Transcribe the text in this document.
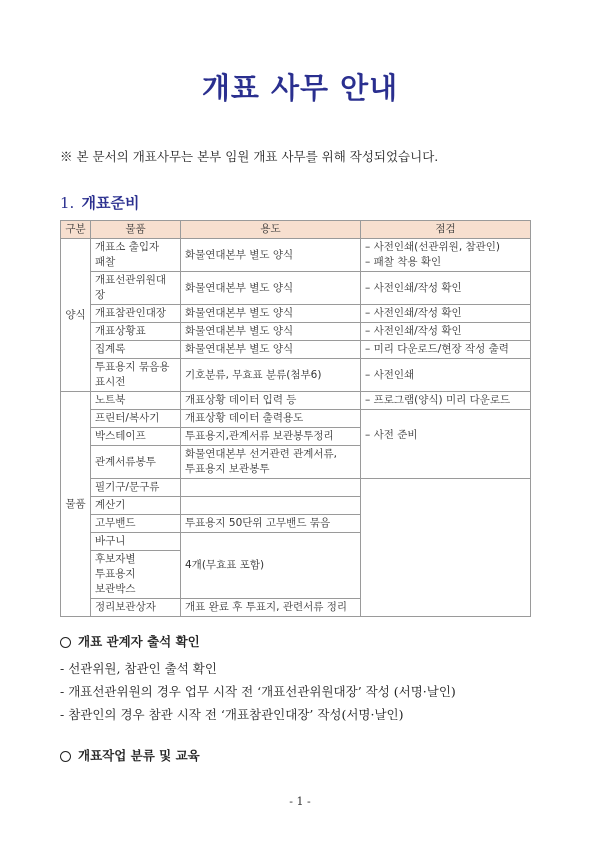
개표 사무 안내
※ 본 문서의 개표사무는 본부 임원 개표 사무를 위해 작성되었습니다.
1. 개표준비
구분	물품	용도	점검
양식	개표소 출입자 패찰	화물연대본부 별도 양식	– 사전인쇄(선관위원, 참관인)
– 패찰 착용 확인

	개표선관위원대장	화물연대본부 별도 양식	– 사전인쇄/작성 확인
	개표참관인대장	화물연대본부 별도 양식	– 사전인쇄/작성 확인
	개표상황표	화물연대본부 별도 양식	– 사전인쇄/작성 확인
	집계록	화물연대본부 별도 양식	– 미리 다운로드/현장 작성 출력
	투표용지 묶음용 표시전	기호분류, 무효표 분류(첨부6)	– 사전인쇄
물품	노트북	개표상황 데이터 입력 등	– 프로그램(양식) 미리 다운로드
	프린터/복사기	개표상황 데이터 출력용도	– 사전 준비
	박스테이프	투표용지,관계서류 보관봉투정리	
	관계서류봉투	화물연대본부 선거관련 관계서류, 투표용지 보관봉투	
	필기구/문구류		
	계산기		
	고무밴드	투표용지 50단위 고무밴드 묶음	
	바구니	4개(무효표 포함)	
	후보자별 투표용지 보관박스		
	정리보관상자	개표 완료 후 투표지, 관련서류 정리	
개표 관계자 출석 확인
- 선관위원, 참관인 출석 확인
- 개표선관위원의 경우 업무 시작 전 ‘개표선관위원대장’ 작성 (서명·날인)
- 참관인의 경우 참관 시작 전 ‘개표참관인대장’ 작성(서명·날인)
개표작업 분류 및 교육
- 1 -
